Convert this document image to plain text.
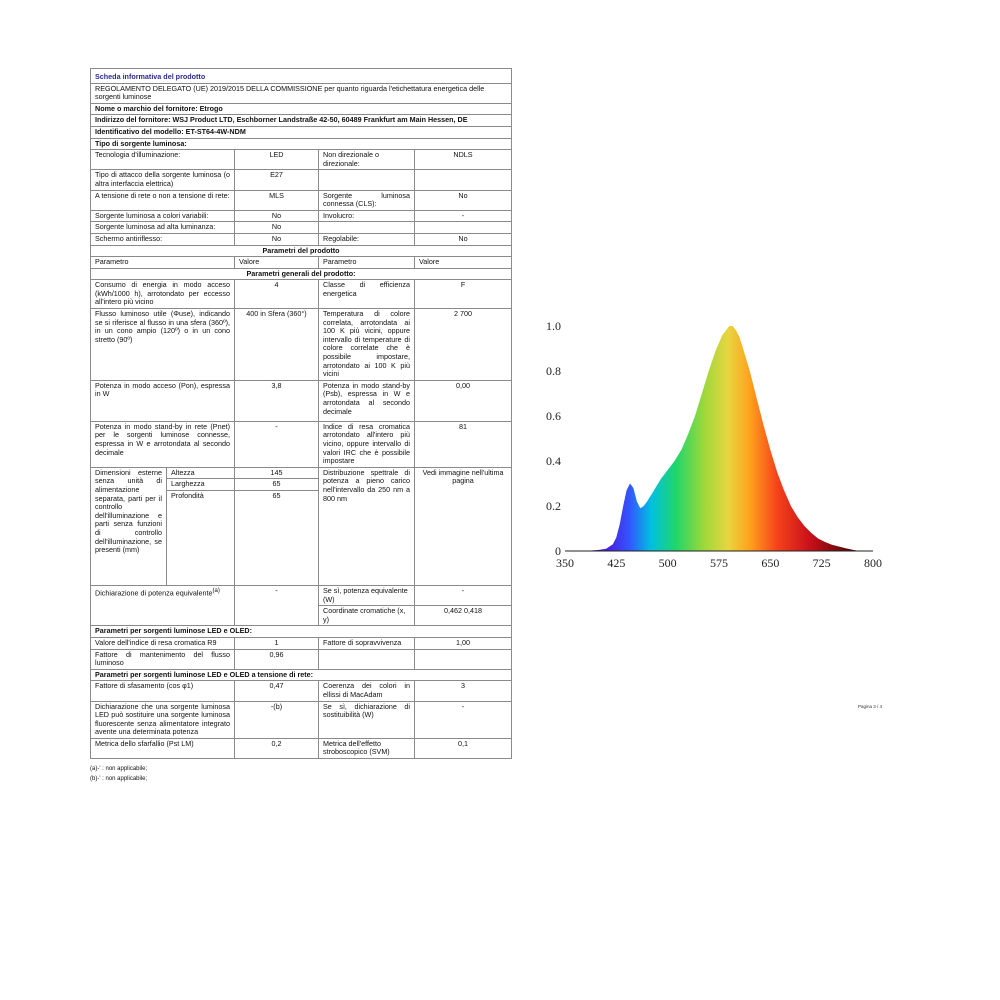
Scheda informativa del prodotto				
REGOLAMENTO DELEGATO (UE) 2019/2015 DELLA COMMISSIONE per quanto riguarda l'etichettatura energetica delle sorgenti luminose				
Nome o marchio del fornitore: Etrogo				
Indirizzo del fornitore: WSJ Product LTD, Eschborner Landstraße 42-50, 60489 Frankfurt am Main Hessen, DE				
Identificativo del modello: ET-ST64-4W-NDM				
Tipo di sorgente luminosa:				
Tecnologia d'illuminazione:		LED	Non direzionale o direzionale:	NDLS
Tipo di attacco della sorgente luminosa (o altra interfaccia elettrica)		E27		
A tensione di rete o non a tensione di rete:		MLS	Sorgente luminosa connessa (CLS):	No
Sorgente luminosa a colori variabili:		No	Involucro:	-
Sorgente luminosa ad alta luminanza:		No		
Schermo antiriflesso:		No	Regolabile:	No
Parametri del prodotto				
Parametro		Valore	Parametro	Valore
Parametri generali del prodotto:				
Consumo di energia in modo acceso (kWh/1000 h), arrotondato per eccesso all'intero più vicino		4	Classe di efficienza energetica	F
Flusso luminoso utile (Φuse), indicando se si riferisce al flusso in una sfera (360º), in un cono ampio (120º) o in un cono stretto (90º)		400 in Sfera (360°)	Temperatura di colore correlata, arrotondata ai 100 K più vicini, oppure intervallo di temperature di colore correlate che è possibile impostare, arrotondato ai 100 K più vicini	2 700
Potenza in modo acceso (Pon), espressa in W		3,8	Potenza in modo stand-by (Psb), espressa in W e arrotondata al secondo decimale	0,00
Potenza in modo stand-by in rete (Pnet) per le sorgenti luminose connesse, espressa in W e arrotondata al secondo decimale		-	Indice di resa cromatica arrotondato all'intero più vicino, oppure intervallo di valori IRC che è possibile impostare	81
Dimensioni esterne senza unità di alimentazione separata, parti per il controllo dell'illuminazione e parti senza funzioni di controllo dell'illuminazione, se presenti (mm)	Altezza	145	Distribuzione spettrale di potenza a pieno carico nell'intervallo da 250 nm a 800 nm	Vedi immagine nell'ultima pagina
	Larghezza	65		
	Profondità	65		
Dichiarazione di potenza equivalente$^{(a)}$		-	Se sì, potenza equivalente (W)	-
			Coordinate cromatiche (x, y)	0,462 0,418
Parametri per sorgenti luminose LED e OLED:				
Valore dell'indice di resa cromatica R9		1	Fattore di sopravvivenza	1,00
Fattore di mantenimento del flusso luminoso		0,96		
Parametri per sorgenti luminose LED e OLED a tensione di rete:				
Fattore di sfasamento (cos φ1)		0,47	Coerenza dei colori in ellissi di MacAdam	3
Dichiarazione che una sorgente luminosa LED può sostituire una sorgente luminosa fluorescente senza alimentatore integrato avente una determinata potenza		-(b)	Se sì, dichiarazione di sostituibilità (W)	-
Metrica dello sfarfallio (Pst LM)		0,2	Metrica dell'effetto stroboscopico (SVM)	0,1
(a)-' : non applicabile;
(b)-' : non applicabile;
0
0.2
0.4
0.6
0.8
1.0
350	425	500	575	650	725	800
Pagina 3 / 4
